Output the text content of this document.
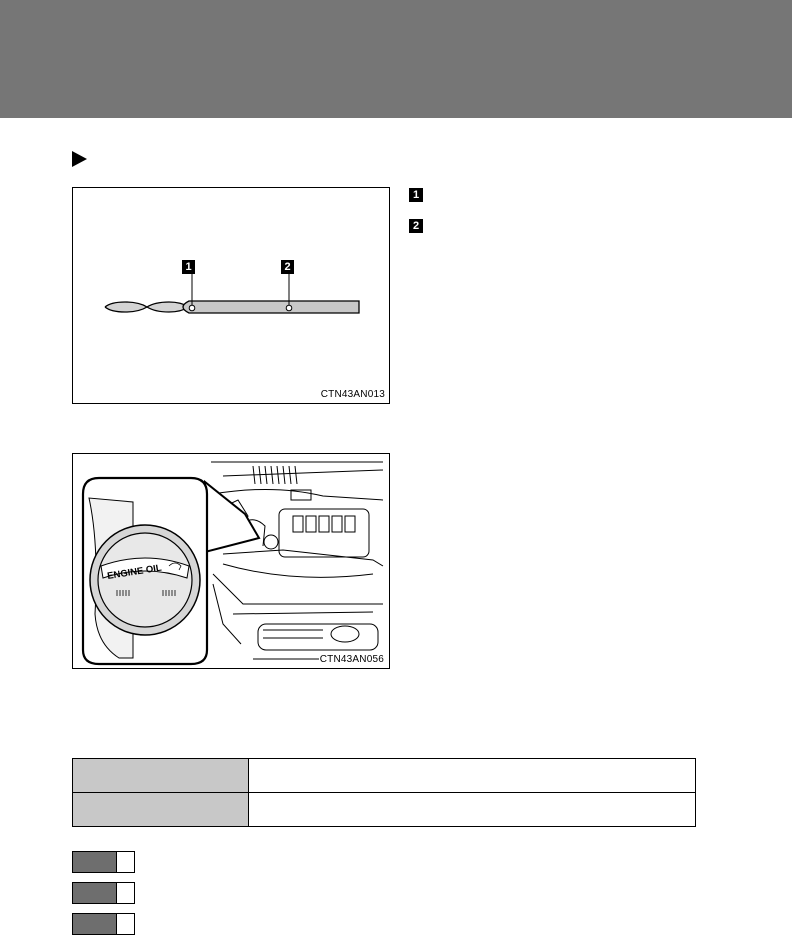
1	2
CTN43AN013
1
2
ENGINE OIL
CTN43AN056
